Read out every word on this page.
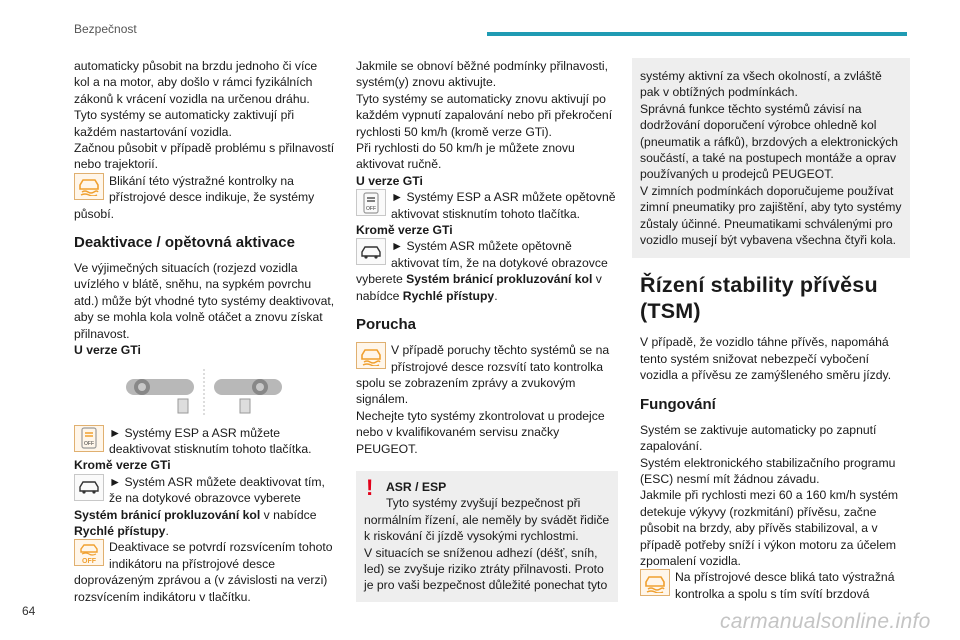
Bezpečnost

automaticky působit na brzdu jednoho či více kol a na motor, aby došlo v rámci fyzikálních zákonů k vrácení vozidla na určenou dráhu.

Tyto systémy se automaticky zaktivují při každém nastartování vozidla.

Začnou působit v případě problému s přilnavostí nebo trajektorií.

Blikání této výstražné kontrolky na přístrojové desce indikuje, že systémy působí.

Deaktivace / opětovná aktivace

Ve výjimečných situacích (rozjezd vozidla uvízlého v blátě, sněhu, na sypkém povrchu atd.) může být vhodné tyto systémy deaktivovat, aby se mohla kola volně otáčet a znovu získat přilnavost.

U verze GTi

OFF

► Systémy ESP a ASR můžete deaktivovat stisknutím tohoto tlačítka.

Kromě verze GTi

► Systém ASR můžete deaktivovat tím, že na dotykové obrazovce vyberete Systém bránicí prokluzování kol v nabídce Rychlé přístupy.

OFF

Deaktivace se potvrdí rozsvícením tohoto indikátoru na přístrojové desce doprovázeným zprávou a (v závislosti na verzi) rozsvícením indikátoru v tlačítku.

Jakmile se obnoví běžné podmínky přilnavosti, systém(y) znovu aktivujte.

Tyto systémy se automaticky znovu aktivují po každém vypnutí zapalování nebo při překročení rychlosti 50 km/h (kromě verze GTi).

Při rychlosti do 50 km/h je můžete znovu aktivovat ručně.

U verze GTi

OFF

► Systémy ESP a ASR můžete opětovně aktivovat stisknutím tohoto tlačítka.

Kromě verze GTi

► Systém ASR můžete opětovně aktivovat tím, že na dotykové obrazovce vyberete Systém bránicí prokluzování kol v nabídce Rychlé přístupy.

Porucha

V případě poruchy těchto systémů se na přístrojové desce rozsvítí tato kontrolka spolu se zobrazením zprávy a zvukovým signálem.

Nechejte tyto systémy zkontrolovat u prodejce nebo v kvalifikovaném servisu značky PEUGEOT.

!	ASR / ESP
Tyto systémy zvyšují bezpečnost při
normálním řízení, ale neměly by svádět řidiče k riskování či jízdě vysokými rychlostmi.
V situacích se sníženou adhezí (déšť, sníh, led) se zvyšuje riziko ztráty přilnavosti. Proto je pro vaši bezpečnost důležité ponechat tyto

systémy aktivní za všech okolností, a zvláště pak v obtížných podmínkách.

Správná funkce těchto systémů závisí na dodržování doporučení výrobce ohledně kol (pneumatik a ráfků), brzdových a elektronických součástí, a také na postupech montáže a oprav používaných u prodejců PEUGEOT.

V zimních podmínkách doporučujeme používat zimní pneumatiky pro zajištění, aby tyto systémy zůstaly účinné. Pneumatikami schválenými pro vozidlo musejí být vybavena všechna čtyři kola.

Řízení stability přívěsu (TSM)

V případě, že vozidlo táhne přívěs, napomáhá tento systém snižovat nebezpečí vybočení vozidla a přívěsu ze zamýšleného směru jízdy.

Fungování

Systém se zaktivuje automaticky po zapnutí zapalování.

Systém elektronického stabilizačního programu (ESC) nesmí mít žádnou závadu.

Jakmile při rychlosti mezi 60 a 160 km/h systém detekuje výkyvy (rozkmitání) přívěsu, začne působit na brzdy, aby přívěs stabilizoval, a v případě potřeby sníží i výkon motoru za účelem zpomalení vozidla.

Na přístrojové desce bliká tato výstražná kontrolka a spolu s tím svítí brzdová

64	carmanualsonline.info
